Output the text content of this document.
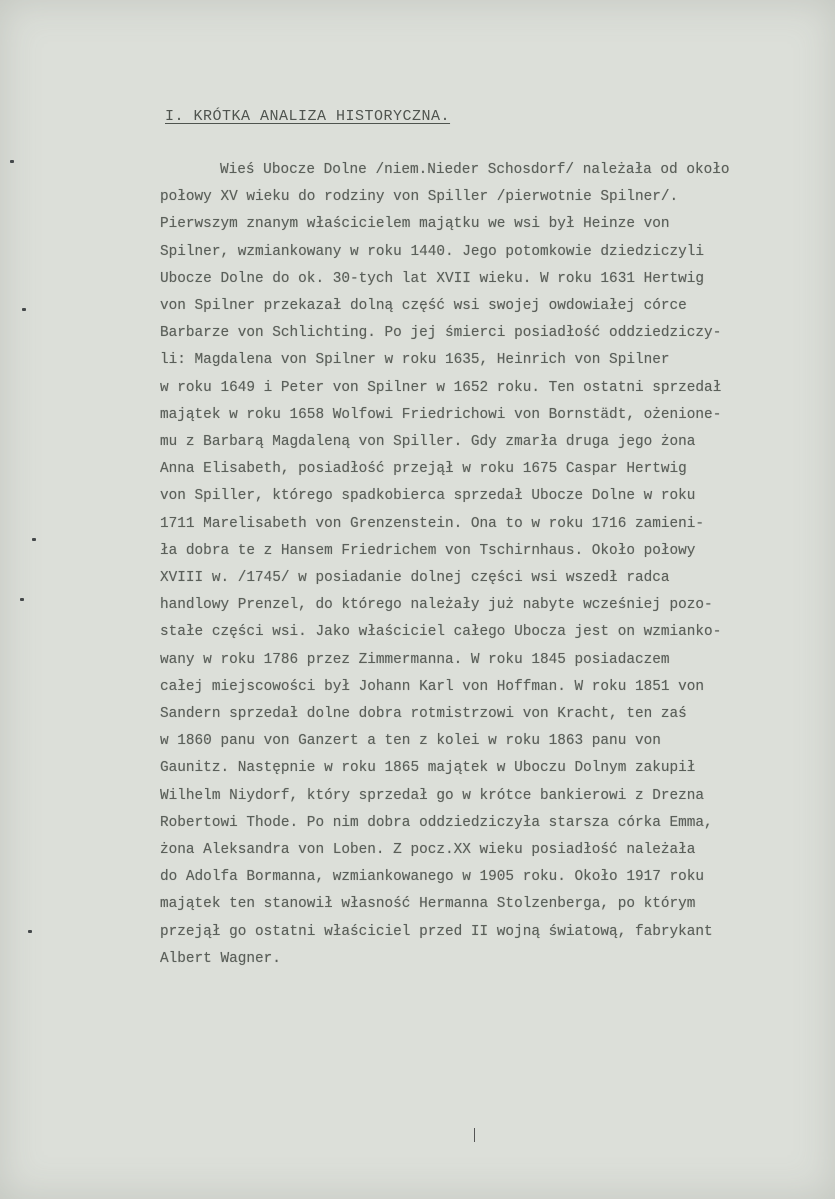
I. KRÓTKA ANALIZA HISTORYCZNA.
Wieś Ubocze Dolne /niem.Nieder Schosdorf/ należała od około
połowy XV wieku do rodziny von Spiller /pierwotnie Spilner/.
Pierwszym znanym właścicielem majątku we wsi był Heinze von
Spilner, wzmiankowany w roku 1440. Jego potomkowie dziedziczyli
Ubocze Dolne do ok. 30-tych lat XVII wieku. W roku 1631 Hertwig
von Spilner przekazał dolną część wsi swojej owdowiałej córce
Barbarze von Schlichting. Po jej śmierci posiadłość oddziedziczy-
li: Magdalena von Spilner w roku 1635, Heinrich von Spilner
w roku 1649 i Peter von Spilner w 1652 roku. Ten ostatni sprzedał
majątek w roku 1658 Wolfowi Friedrichowi von Bornstädt, ożenione-
mu z Barbarą Magdaleną von Spiller. Gdy zmarła druga jego żona
Anna Elisabeth, posiadłość przejął w roku 1675 Caspar Hertwig
von Spiller, którego spadkobierca sprzedał Ubocze Dolne w roku
1711 Marelisabeth von Grenzenstein. Ona to w roku 1716 zamieni-
ła dobra te z Hansem Friedrichem von Tschirnhaus. Około połowy
XVIII w. /1745/ w posiadanie dolnej części wsi wszedł radca
handlowy Prenzel, do którego należały już nabyte wcześniej pozo-
stałe części wsi. Jako właściciel całego Ubocza jest on wzmianko-
wany w roku 1786 przez Zimmermanna. W roku 1845 posiadaczem
całej miejscowości był Johann Karl von Hoffman. W roku 1851 von
Sandern sprzedał dolne dobra rotmistrzowi von Kracht, ten zaś
w 1860 panu von Ganzert a ten z kolei w roku 1863 panu von
Gaunitz. Następnie w roku 1865 majątek w Uboczu Dolnym zakupił
Wilhelm Niydorf, który sprzedał go w krótce bankierowi z Drezna
Robertowi Thode. Po nim dobra oddziedziczyła starsza córka Emma,
żona Aleksandra von Loben. Z pocz.XX wieku posiadłość należała
do Adolfa Bormanna, wzmiankowanego w 1905 roku. Około 1917 roku
majątek ten stanowił własność Hermanna Stolzenberga, po którym
przejął go ostatni właściciel przed II wojną światową, fabrykant
Albert Wagner.
